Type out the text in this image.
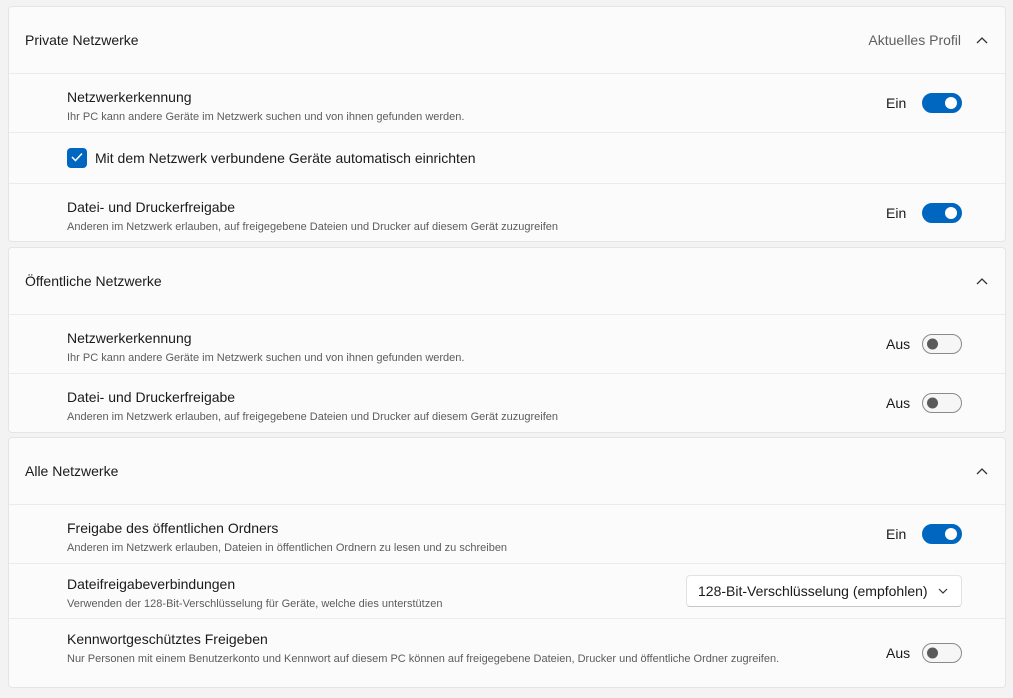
Private Netzwerke	Aktuelles Profil
Netzwerkerkennung
Ihr PC kann andere Geräte im Netzwerk suchen und von ihnen gefunden werden.
Ein
Mit dem Netzwerk verbundene Geräte automatisch einrichten
Datei- und Druckerfreigabe
Anderen im Netzwerk erlauben, auf freigegebene Dateien und Drucker auf diesem Gerät zuzugreifen
Ein
Öffentliche Netzwerke
Netzwerkerkennung
Ihr PC kann andere Geräte im Netzwerk suchen und von ihnen gefunden werden.
Aus
Datei- und Druckerfreigabe
Anderen im Netzwerk erlauben, auf freigegebene Dateien und Drucker auf diesem Gerät zuzugreifen
Aus
Alle Netzwerke
Freigabe des öffentlichen Ordners
Anderen im Netzwerk erlauben, Dateien in öffentlichen Ordnern zu lesen und zu schreiben
Ein
Dateifreigabeverbindungen
Verwenden der 128-Bit-Verschlüsselung für Geräte, welche dies unterstützen
128-Bit-Verschlüsselung (empfohlen)
Kennwortgeschütztes Freigeben
Nur Personen mit einem Benutzerkonto und Kennwort auf diesem PC können auf freigegebene Dateien, Drucker und öffentliche Ordner zugreifen.	Aus
